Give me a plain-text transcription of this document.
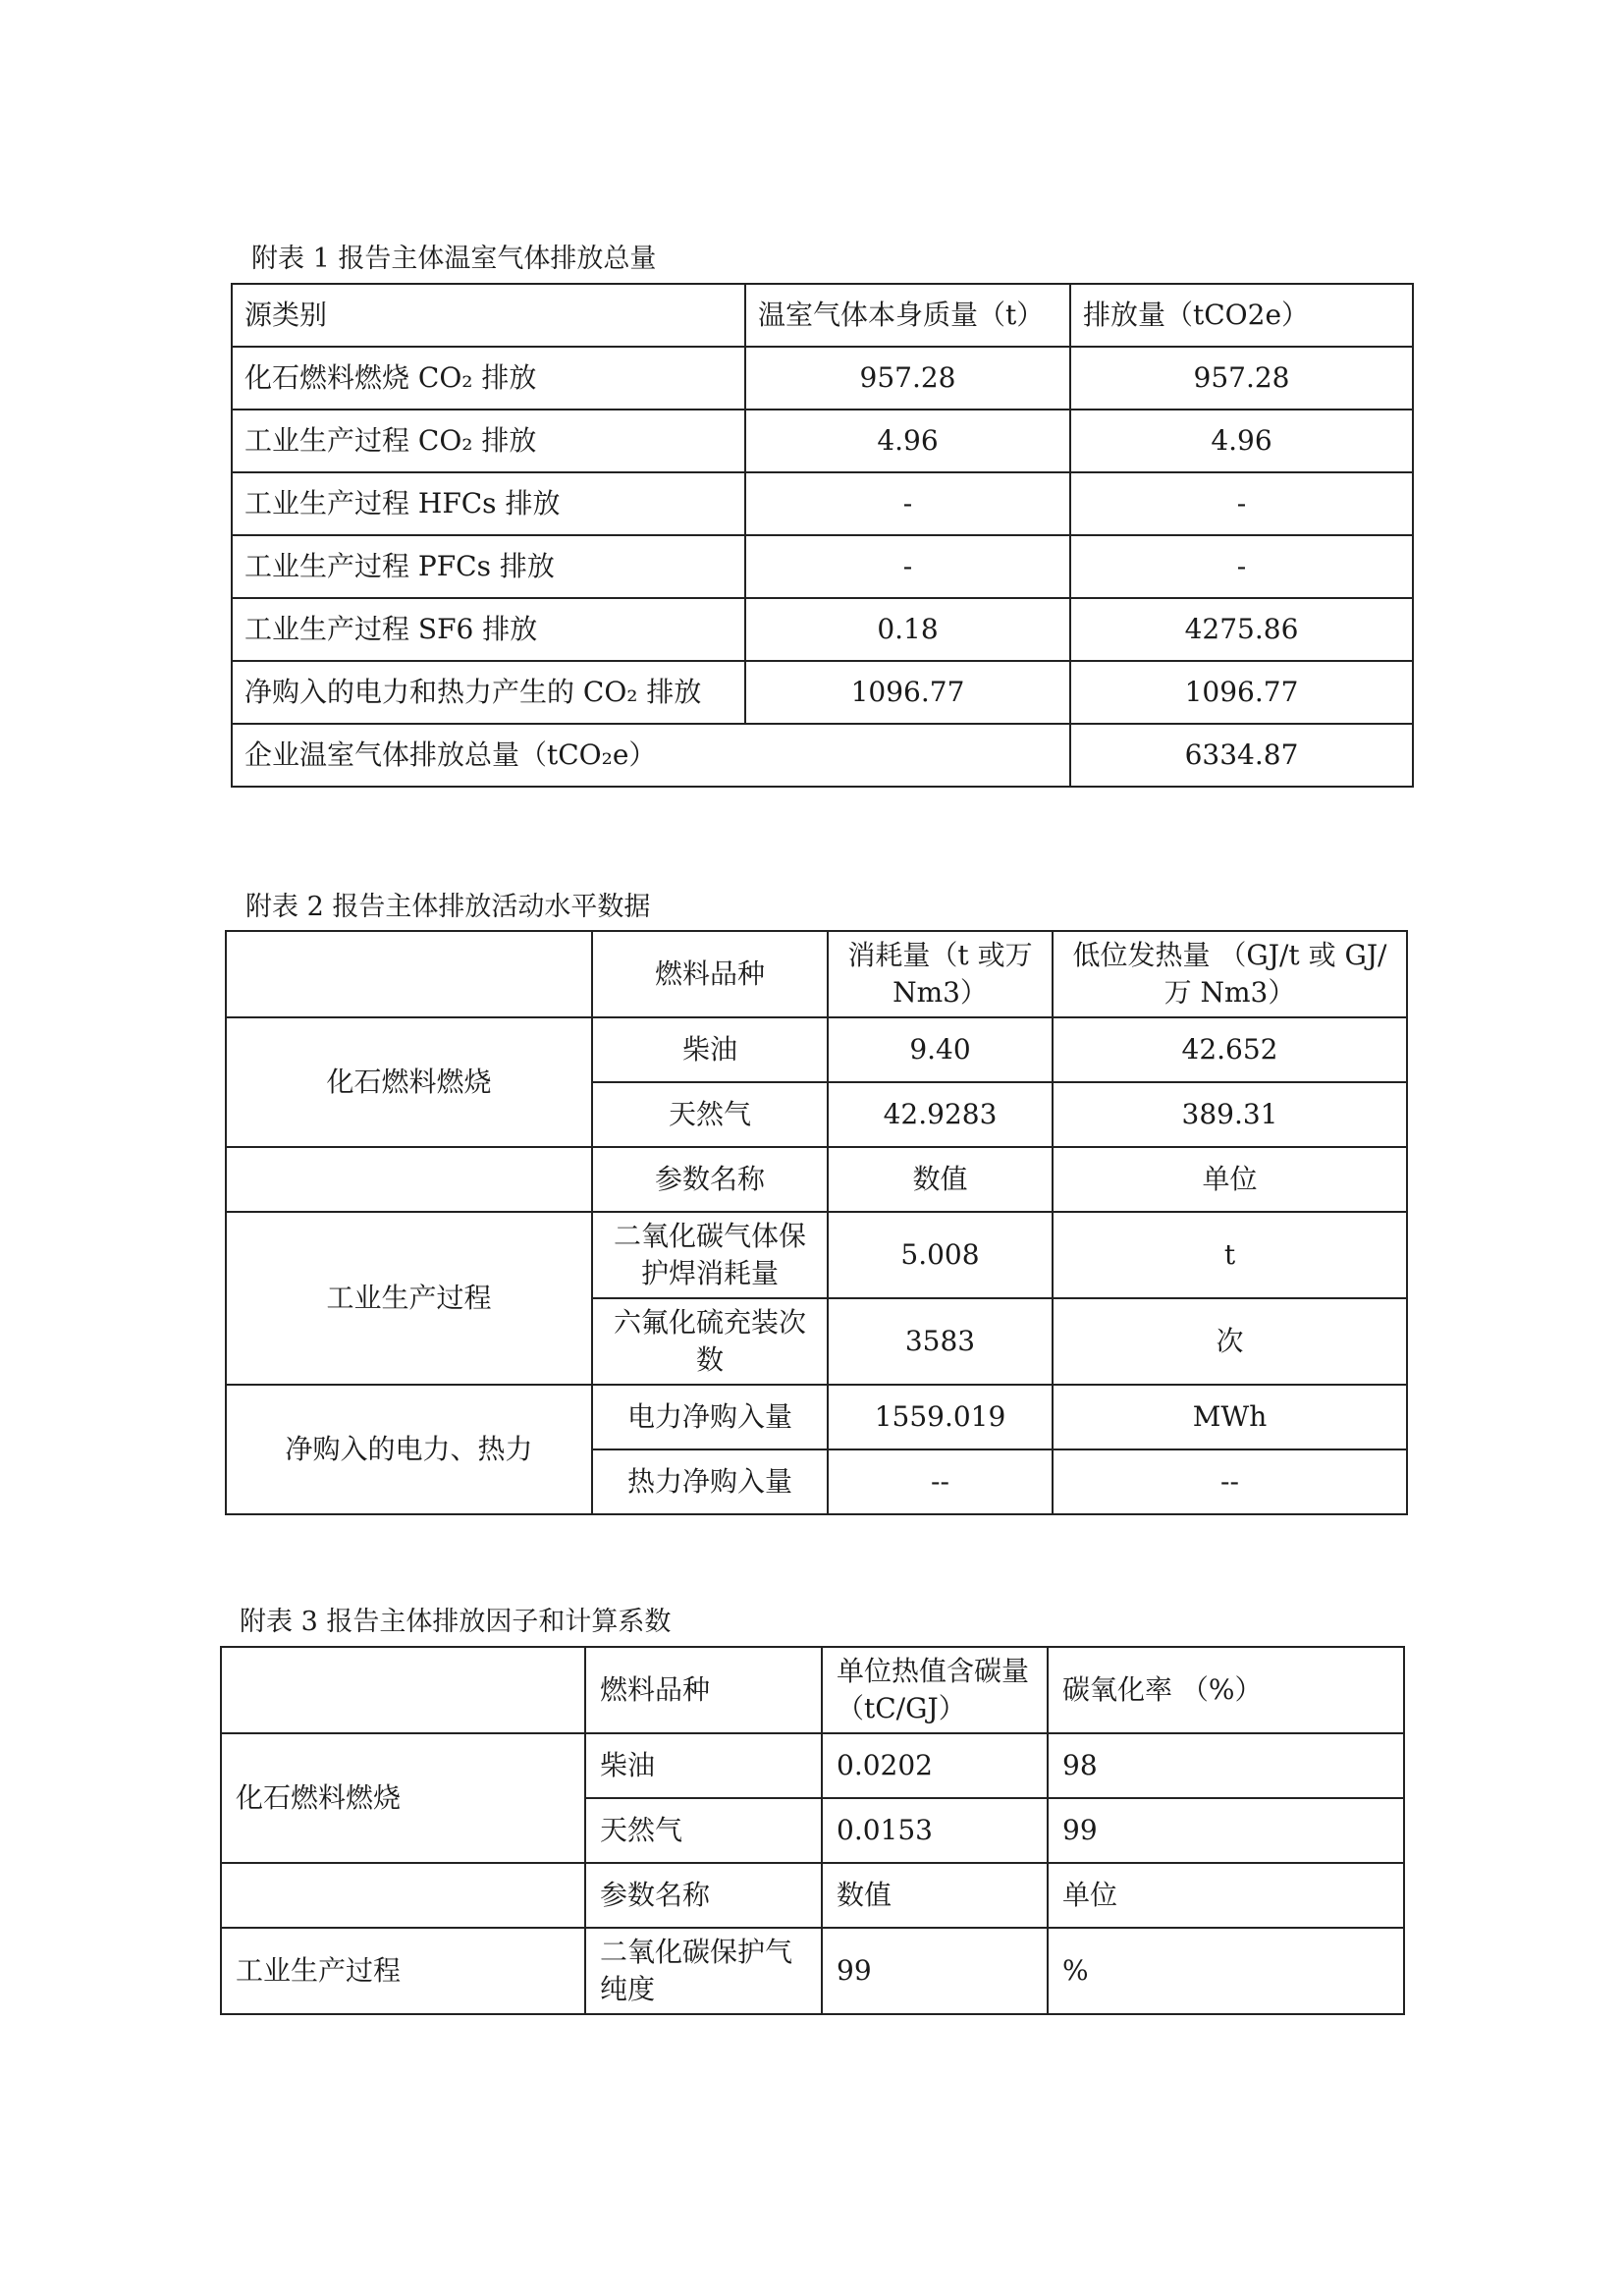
附表 1 报告主体温室气体排放总量
源类别	温室气体本身质量（t）	排放量（tCO2e）
化石燃料燃烧 CO₂ 排放	957.28	957.28
工业生产过程 CO₂ 排放	4.96	4.96
工业生产过程 HFCs 排放	-	-
工业生产过程 PFCs 排放	-	-
工业生产过程 SF6 排放	0.18	4275.86
净购入的电力和热力产生的 CO₂ 排放	1096.77	1096.77
企业温室气体排放总量（tCO₂e）		6334.87
附表 2 报告主体排放活动水平数据
	燃料品种	消耗量（t 或万 Nm3）	低位发热量 （GJ/t 或 GJ/万 Nm3）
化石燃料燃烧	柴油	9.40	42.652
	天然气	42.9283	389.31
	参数名称	数值	单位
工业生产过程	二氧化碳气体保护焊消耗量	5.008	t
	六氟化硫充装次数	3583	次
净购入的电力、热力	电力净购入量	1559.019	MWh
	热力净购入量	--	--
附表 3 报告主体排放因子和计算系数
	燃料品种	单位热值含碳量（tC/GJ）	碳氧化率 （%）
化石燃料燃烧	柴油	0.0202	98
	天然气	0.0153	99
	参数名称	数值	单位
工业生产过程	二氧化碳保护气纯度	99	%
